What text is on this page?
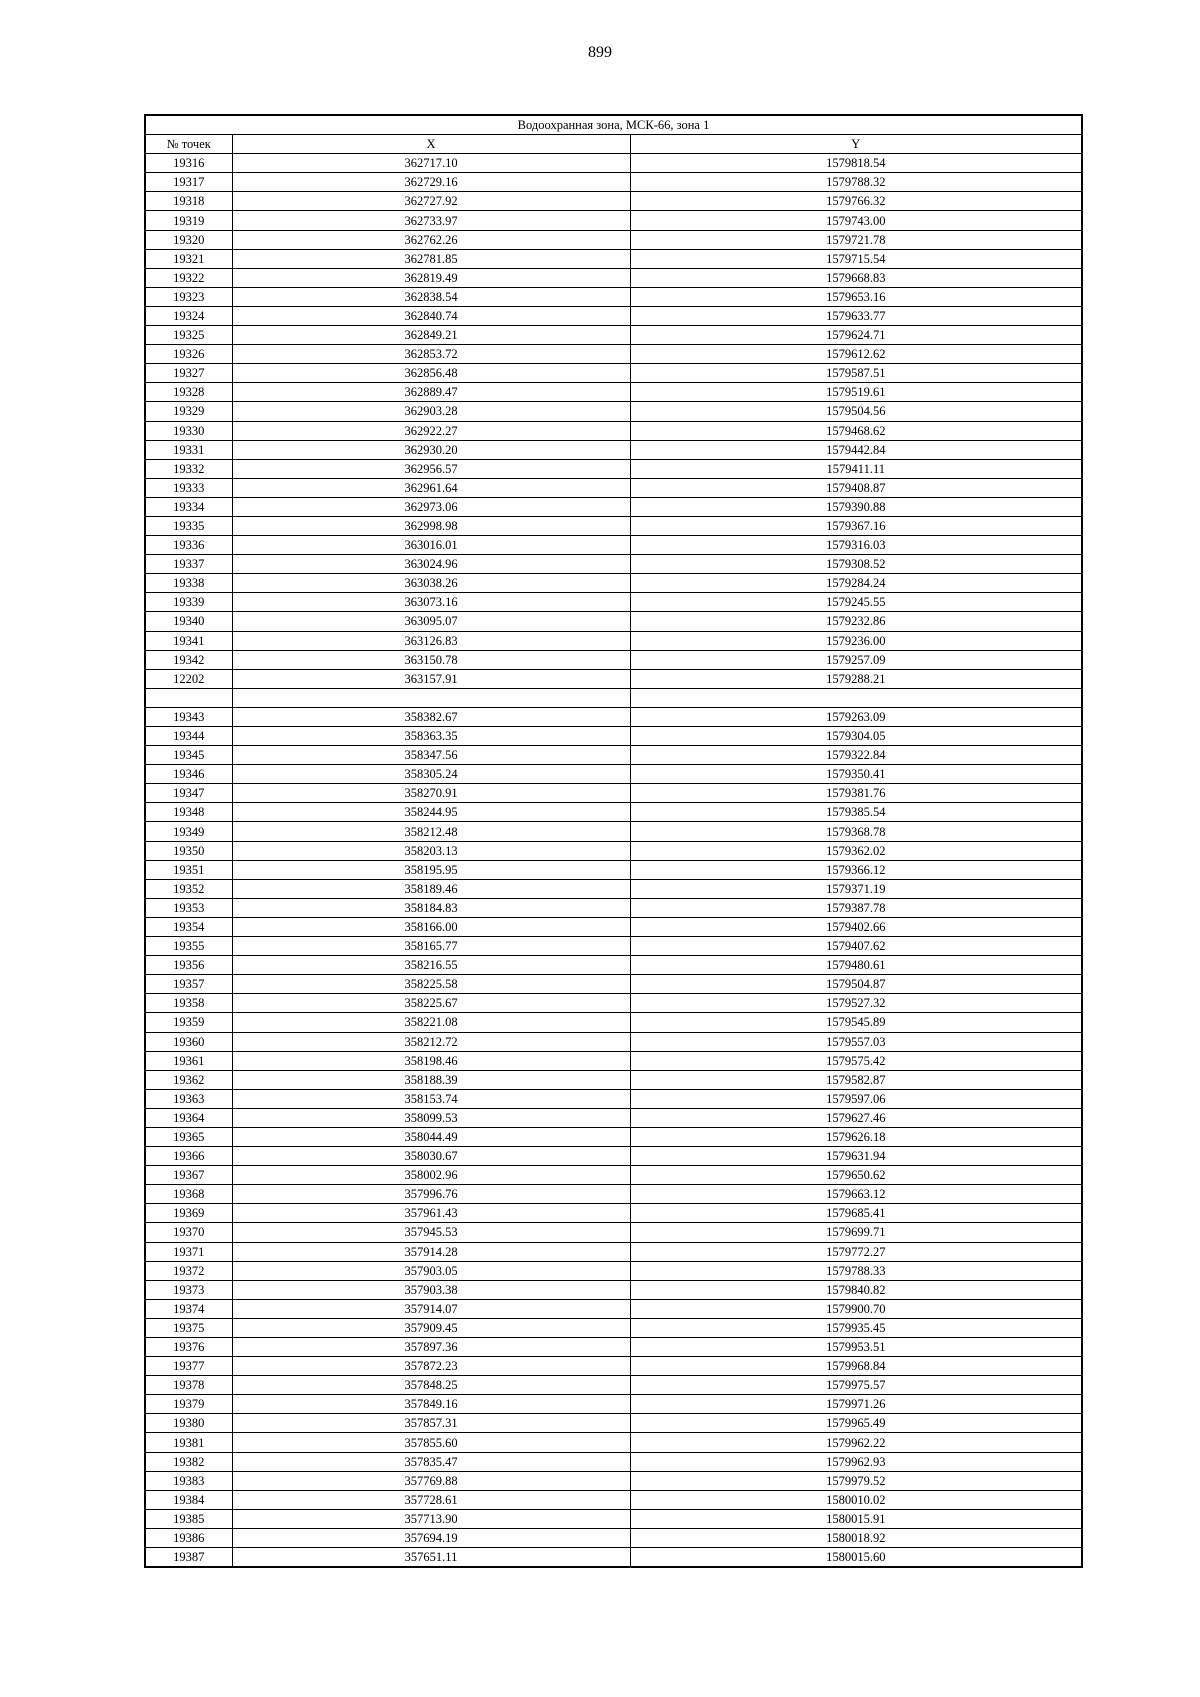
899
Водоохранная зона, МСК-66, зона 1		
№ точек	X	Y
19316	362717.10	1579818.54
19317	362729.16	1579788.32
19318	362727.92	1579766.32
19319	362733.97	1579743.00
19320	362762.26	1579721.78
19321	362781.85	1579715.54
19322	362819.49	1579668.83
19323	362838.54	1579653.16
19324	362840.74	1579633.77
19325	362849.21	1579624.71
19326	362853.72	1579612.62
19327	362856.48	1579587.51
19328	362889.47	1579519.61
19329	362903.28	1579504.56
19330	362922.27	1579468.62
19331	362930.20	1579442.84
19332	362956.57	1579411.11
19333	362961.64	1579408.87
19334	362973.06	1579390.88
19335	362998.98	1579367.16
19336	363016.01	1579316.03
19337	363024.96	1579308.52
19338	363038.26	1579284.24
19339	363073.16	1579245.55
19340	363095.07	1579232.86
19341	363126.83	1579236.00
19342	363150.78	1579257.09
12202	363157.91	1579288.21

19343	358382.67	1579263.09
19344	358363.35	1579304.05
19345	358347.56	1579322.84
19346	358305.24	1579350.41
19347	358270.91	1579381.76
19348	358244.95	1579385.54
19349	358212.48	1579368.78
19350	358203.13	1579362.02
19351	358195.95	1579366.12
19352	358189.46	1579371.19
19353	358184.83	1579387.78
19354	358166.00	1579402.66
19355	358165.77	1579407.62
19356	358216.55	1579480.61
19357	358225.58	1579504.87
19358	358225.67	1579527.32
19359	358221.08	1579545.89
19360	358212.72	1579557.03
19361	358198.46	1579575.42
19362	358188.39	1579582.87
19363	358153.74	1579597.06
19364	358099.53	1579627.46
19365	358044.49	1579626.18
19366	358030.67	1579631.94
19367	358002.96	1579650.62
19368	357996.76	1579663.12
19369	357961.43	1579685.41
19370	357945.53	1579699.71
19371	357914.28	1579772.27
19372	357903.05	1579788.33
19373	357903.38	1579840.82
19374	357914.07	1579900.70
19375	357909.45	1579935.45
19376	357897.36	1579953.51
19377	357872.23	1579968.84
19378	357848.25	1579975.57
19379	357849.16	1579971.26
19380	357857.31	1579965.49
19381	357855.60	1579962.22
19382	357835.47	1579962.93
19383	357769.88	1579979.52
19384	357728.61	1580010.02
19385	357713.90	1580015.91
19386	357694.19	1580018.92
19387	357651.11	1580015.60
